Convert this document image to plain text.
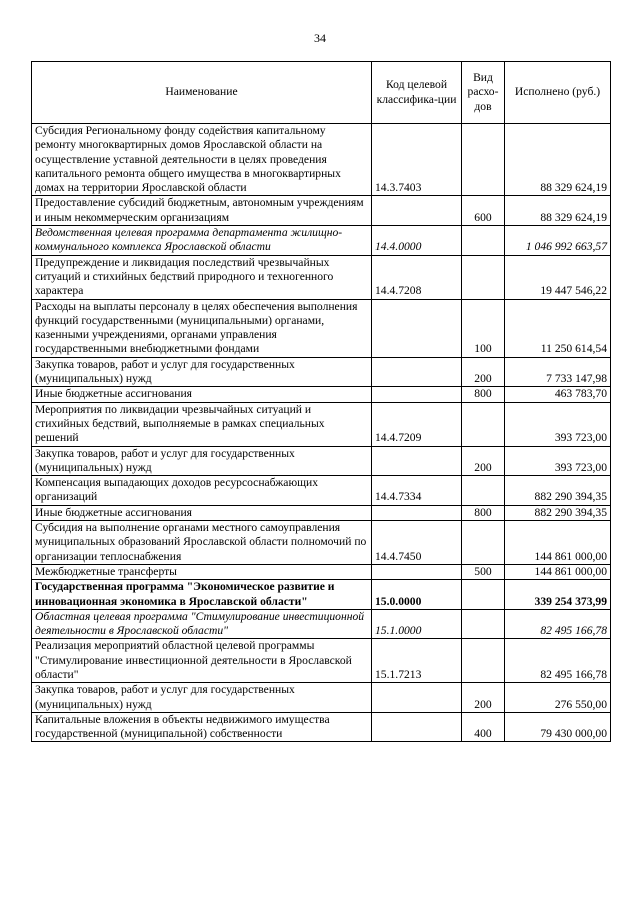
34
Наименование	Код целевой классифика-ции	Вид расхо-дов	Исполнено (руб.)
Субсидия Региональному фонду содействия капитальному ремонту многоквартирных домов Ярославской области на осуществление уставной деятельности в целях проведения капитального ремонта общего имущества в многоквартирных домах на территории Ярославской области	14.3.7403		88 329 624,19
Предоставление субсидий бюджетным, автономным учреждениям и иным некоммерческим организациям		600	88 329 624,19
Ведомственная целевая программа департамента жилищно-коммунального комплекса Ярославской области	14.4.0000		1 046 992 663,57
Предупреждение и ликвидация последствий чрезвычайных ситуаций и стихийных бедствий природного и техногенного характера	14.4.7208		19 447 546,22
Расходы на выплаты персоналу в целях обеспечения выполнения функций государственными (муниципальными) органами, казенными учреждениями, органами управления государственными внебюджетными фондами		100	11 250 614,54
Закупка товаров, работ и услуг для государственных (муниципальных) нужд		200	7 733 147,98
Иные бюджетные ассигнования		800	463 783,70
Мероприятия по ликвидации чрезвычайных ситуаций и стихийных бедствий, выполняемые в рамках специальных решений	14.4.7209		393 723,00
Закупка товаров, работ и услуг для государственных (муниципальных) нужд		200	393 723,00
Компенсация выпадающих доходов ресурсоснабжающих организаций	14.4.7334		882 290 394,35
Иные бюджетные ассигнования		800	882 290 394,35
Субсидия на выполнение органами местного самоуправления муниципальных образований Ярославской области полномочий по организации теплоснабжения	14.4.7450		144 861 000,00
Межбюджетные трансферты		500	144 861 000,00
Государственная программа "Экономическое развитие и инновационная экономика в Ярославской области"	15.0.0000		339 254 373,99
Областная целевая программа "Стимулирование инвестиционной деятельности в Ярославской области"	15.1.0000		82 495 166,78
Реализация мероприятий областной целевой программы "Стимулирование инвестиционной деятельности в Ярославской области"	15.1.7213		82 495 166,78
Закупка товаров, работ и услуг для государственных (муниципальных) нужд		200	276 550,00
Капитальные вложения в объекты недвижимого имущества государственной (муниципальной) собственности		400	79 430 000,00
